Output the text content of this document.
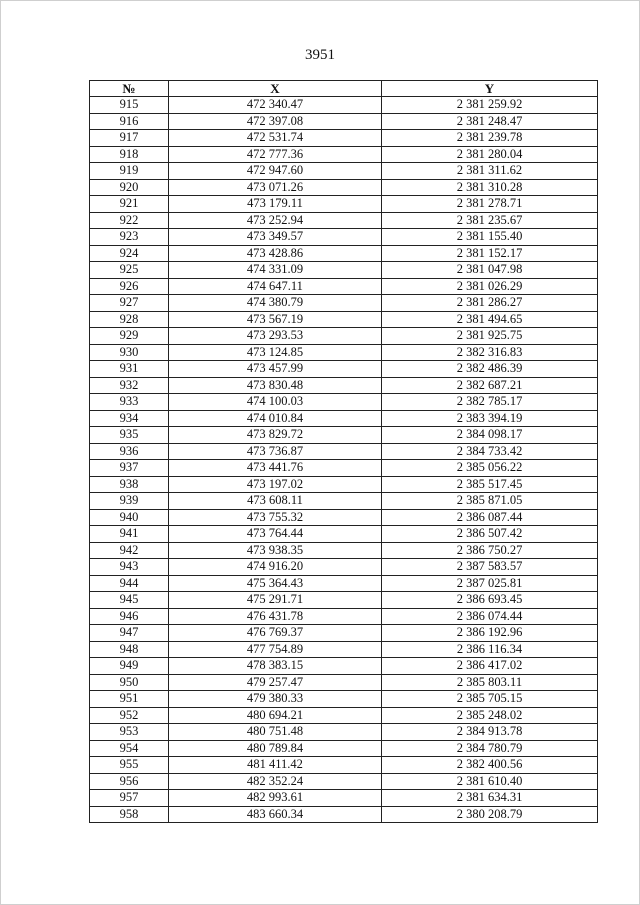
3951
№	X	Y
915	472 340.47	2 381 259.92
916	472 397.08	2 381 248.47
917	472 531.74	2 381 239.78
918	472 777.36	2 381 280.04
919	472 947.60	2 381 311.62
920	473 071.26	2 381 310.28
921	473 179.11	2 381 278.71
922	473 252.94	2 381 235.67
923	473 349.57	2 381 155.40
924	473 428.86	2 381 152.17
925	474 331.09	2 381 047.98
926	474 647.11	2 381 026.29
927	474 380.79	2 381 286.27
928	473 567.19	2 381 494.65
929	473 293.53	2 381 925.75
930	473 124.85	2 382 316.83
931	473 457.99	2 382 486.39
932	473 830.48	2 382 687.21
933	474 100.03	2 382 785.17
934	474 010.84	2 383 394.19
935	473 829.72	2 384 098.17
936	473 736.87	2 384 733.42
937	473 441.76	2 385 056.22
938	473 197.02	2 385 517.45
939	473 608.11	2 385 871.05
940	473 755.32	2 386 087.44
941	473 764.44	2 386 507.42
942	473 938.35	2 386 750.27
943	474 916.20	2 387 583.57
944	475 364.43	2 387 025.81
945	475 291.71	2 386 693.45
946	476 431.78	2 386 074.44
947	476 769.37	2 386 192.96
948	477 754.89	2 386 116.34
949	478 383.15	2 386 417.02
950	479 257.47	2 385 803.11
951	479 380.33	2 385 705.15
952	480 694.21	2 385 248.02
953	480 751.48	2 384 913.78
954	480 789.84	2 384 780.79
955	481 411.42	2 382 400.56
956	482 352.24	2 381 610.40
957	482 993.61	2 381 634.31
958	483 660.34	2 380 208.79
